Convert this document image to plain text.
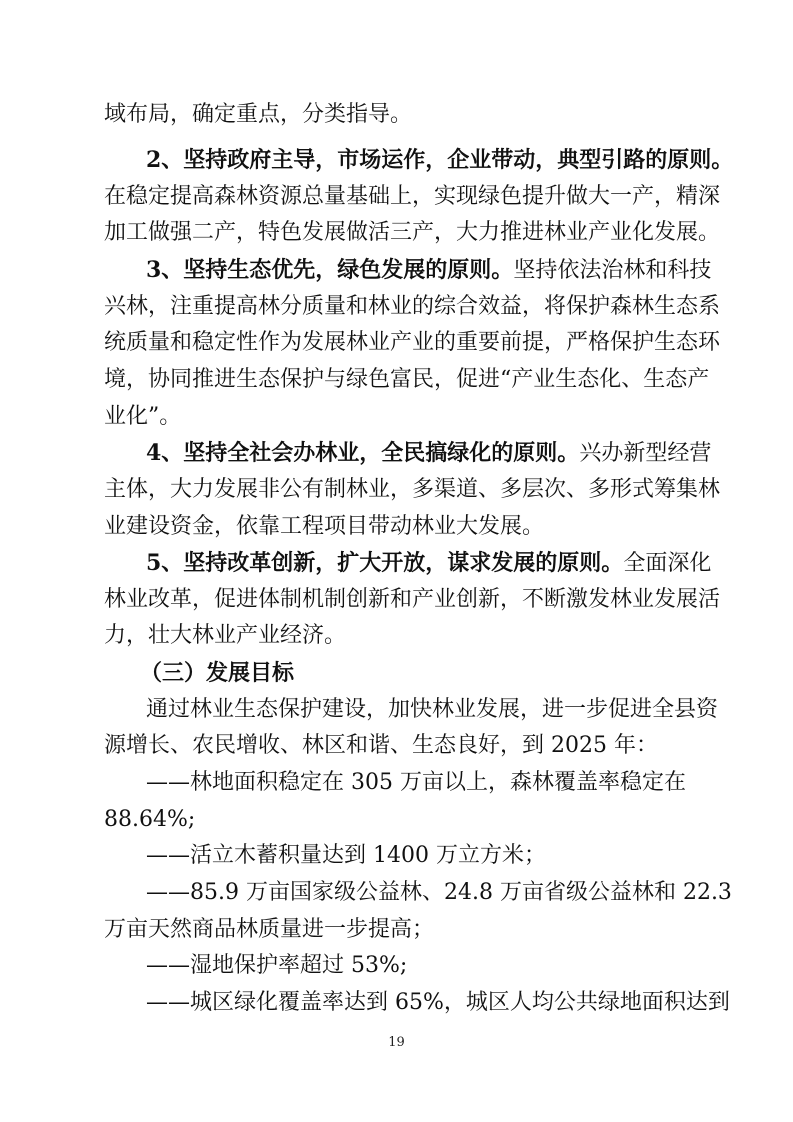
域布局，确定重点，分类指导。
2、坚持政府主导，市场运作，企业带动，典型引路的原则。
在稳定提高森林资源总量基础上，实现绿色提升做大一产，精深
加工做强二产，特色发展做活三产，大力推进林业产业化发展。
3、坚持生态优先，绿色发展的原则。坚持依法治林和科技
兴林，注重提高林分质量和林业的综合效益，将保护森林生态系
统质量和稳定性作为发展林业产业的重要前提，严格保护生态环
境，协同推进生态保护与绿色富民，促进“产业生态化、生态产
业化”。
4、坚持全社会办林业，全民搞绿化的原则。兴办新型经营
主体，大力发展非公有制林业，多渠道、多层次、多形式筹集林
业建设资金，依靠工程项目带动林业大发展。
5、坚持改革创新，扩大开放，谋求发展的原则。全面深化
林业改革，促进体制机制创新和产业创新，不断激发林业发展活
力，壮大林业产业经济。
（三）发展目标
通过林业生态保护建设，加快林业发展，进一步促进全县资
源增长、农民增收、林区和谐、生态良好，到 2025 年：
——林地面积稳定在 305 万亩以上，森林覆盖率稳定在
88.64%;
——活立木蓄积量达到 1400 万立方米；
——85.9 万亩国家级公益林、24.8 万亩省级公益林和 22.3
万亩天然商品林质量进一步提高；
——湿地保护率超过 53%;
——城区绿化覆盖率达到 65%，城区人均公共绿地面积达到
19
